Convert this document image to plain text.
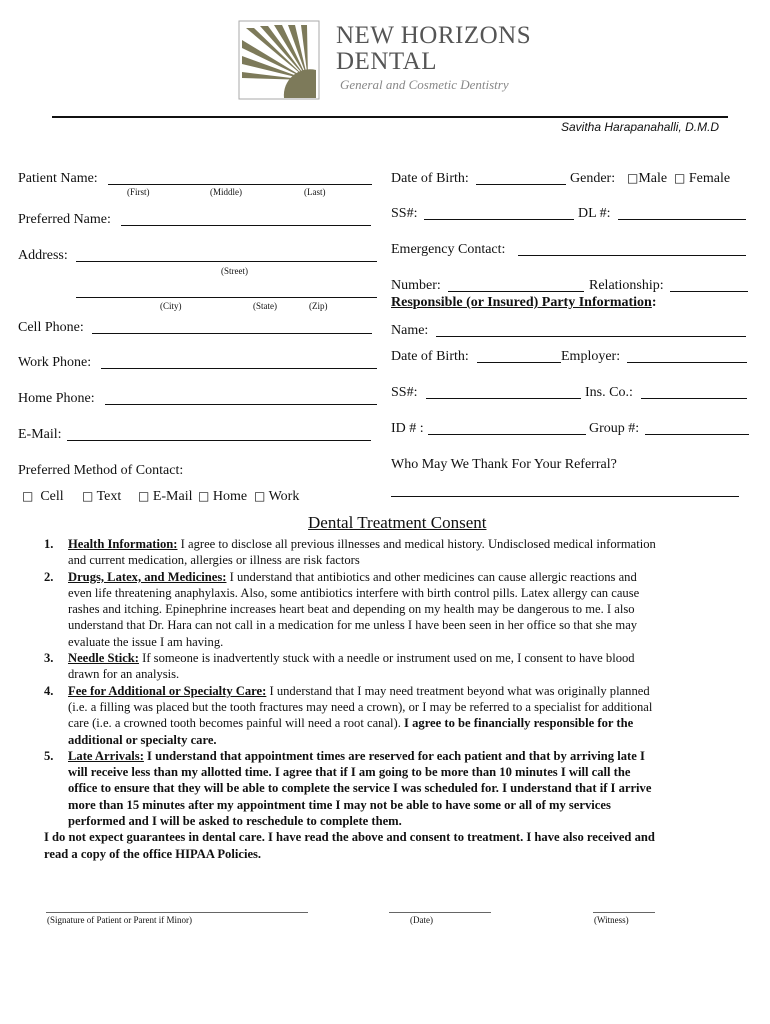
NEW HORIZONS
DENTAL
General and Cosmetic Dentistry
Savitha Harapanahalli, D.M.D
Patient Name:
(First)	(Middle)	(Last)
Preferred Name:
Address:
(Street)
(City)	(State)	(Zip)
Cell Phone:
Work Phone:
Home Phone:
E-Mail:
Preferred Method of Contact:
□ Cell □ Text □ E-Mail □ Home □ Work
Date of Birth:	Gender: □Male □ Female
SS#:	DL #:
Emergency Contact:
Number:	Relationship:
Responsible (or Insured) Party Information:
Name:
Date of Birth:	Employer:
SS#:	Ins. Co.:
ID # :	Group #:
Who May We Thank For Your Referral?
Dental Treatment Consent
1. Health Information: I agree to disclose all previous illnesses and medical history. Undisclosed medical information and current medication, allergies or illness are risk factors
2. Drugs, Latex, and Medicines: I understand that antibiotics and other medicines can cause allergic reactions and even life threatening anaphylaxis. Also, some antibiotics interfere with birth control pills. Latex allergy can cause rashes and itching. Epinephrine increases heart beat and depending on my health may be dangerous to me. I also understand that Dr. Hara can not call in a medication for me unless I have been seen in her office so that she may evaluate the issue I am having.
3. Needle Stick: If someone is inadvertently stuck with a needle or instrument used on me, I consent to have blood drawn for an analysis.
4. Fee for Additional or Specialty Care: I understand that I may need treatment beyond what was originally planned (i.e. a filling was placed but the tooth fractures may need a crown), or I may be referred to a specialist for additional care (i.e. a crowned tooth becomes painful will need a root canal). I agree to be financially responsible for the additional or specialty care.
5. Late Arrivals: I understand that appointment times are reserved for each patient and that by arriving late I will receive less than my allotted time. I agree that if I am going to be more than 10 minutes I will call the office to ensure that they will be able to complete the service I was scheduled for. I understand that if I arrive more than 15 minutes after my appointment time I may not be able to have some or all of my services performed and I will be asked to reschedule to complete them.
I do not expect guarantees in dental care. I have read the above and consent to treatment. I have also received and read a copy of the office HIPAA Policies.
(Signature of Patient or Parent if Minor)	(Date)	(Witness)
